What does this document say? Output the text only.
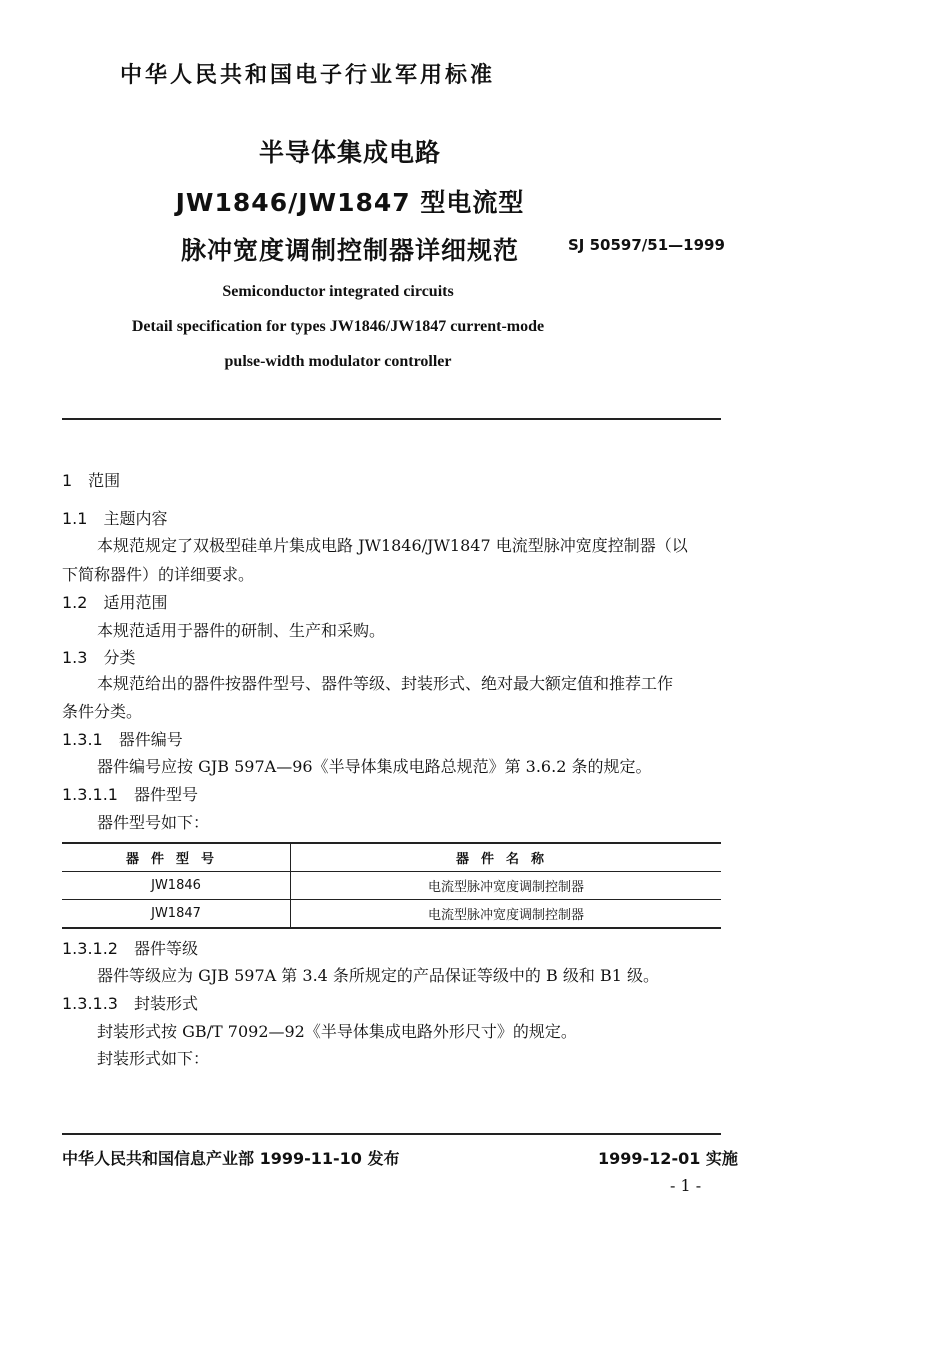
中华人民共和国电子行业军用标准
半导体集成电路
JW1846/JW1847 型电流型
脉冲宽度调制控制器详细规范	SJ 50597/51—1999
Semiconductor integrated circuits
Detail specification for types JW1846/JW1847 current-mode
pulse-width modulator controller
1　范围
1.1　主题内容
本规范规定了双极型硅单片集成电路 JW1846/JW1847 电流型脉冲宽度控制器（以
下简称器件）的详细要求。
1.2　适用范围
本规范适用于器件的研制、生产和采购。
1.3　分类
本规范给出的器件按器件型号、器件等级、封装形式、绝对最大额定值和推荐工作
条件分类。
1.3.1　器件编号
器件编号应按 GJB 597A—96《半导体集成电路总规范》第 3.6.2 条的规定。
1.3.1.1　器件型号
器件型号如下：
器件型号	器件名称
JW1846	电流型脉冲宽度调制控制器
JW1847	电流型脉冲宽度调制控制器
1.3.1.2　器件等级
器件等级应为 GJB 597A 第 3.4 条所规定的产品保证等级中的 B 级和 B1 级。
1.3.1.3　封装形式
封装形式按 GB/T 7092—92《半导体集成电路外形尺寸》的规定。
封装形式如下：
中华人民共和国信息产业部 1999-11-10 发布	1999-12-01 实施
- 1 -
